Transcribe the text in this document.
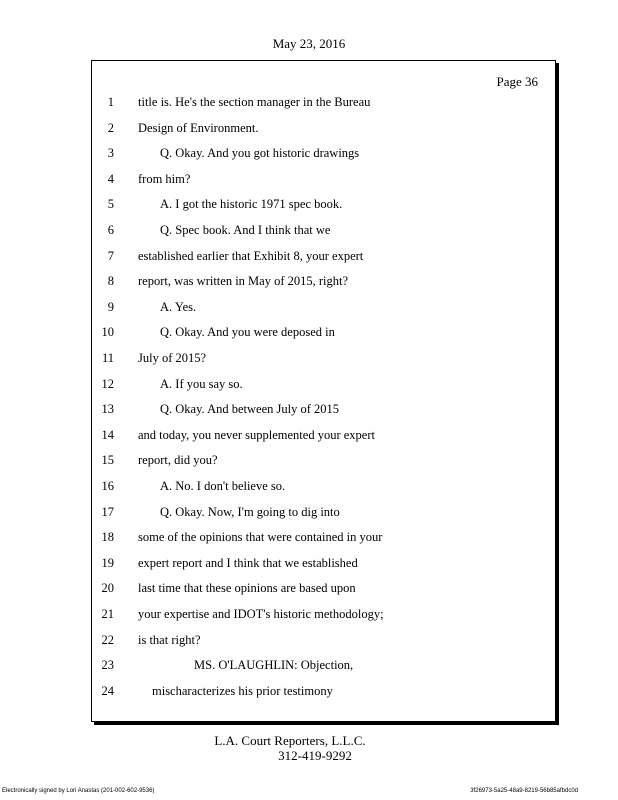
May 23, 2016
Page 36
1 title is. He's the section manager in the Bureau
2 Design of Environment.
3	Q. Okay. And you got historic drawings
4 from him?
5	A. I got the historic 1971 spec book.
6	Q. Spec book. And I think that we
7 established earlier that Exhibit 8, your expert
8 report, was written in May of 2015, right?
9	A. Yes.
10	Q. Okay. And you were deposed in
11 July of 2015?
12	A. If you say so.
13	Q. Okay. And between July of 2015
14 and today, you never supplemented your expert
15 report, did you?
16	A. No. I don't believe so.
17	Q. Okay. Now, I'm going to dig into
18 some of the opinions that were contained in your
19 expert report and I think that we established
20 last time that these opinions are based upon
21 your expertise and IDOT's historic methodology;
22 is that right?
23	MS. O'LAUGHLIN: Objection,
24	mischaracterizes his prior testimony
L.A. Court Reporters, L.L.C.
312-419-9292
Electronically signed by Lori Anastas (201-002-602-9536)	3f26973-5a25-48a9-8219-56b85afbdc0d
